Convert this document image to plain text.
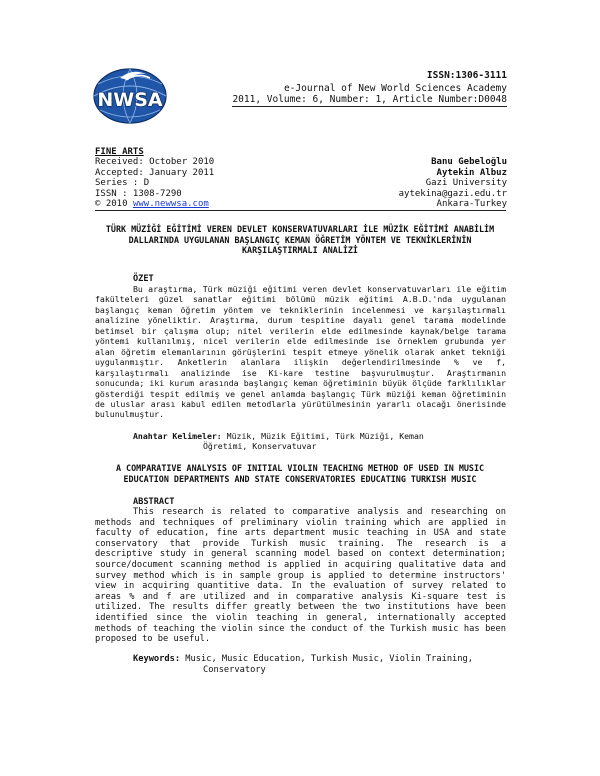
NWSA
ISSN:1306-3111
e-Journal of New World Sciences Academy
2011, Volume: 6, Number: 1, Article Number:D0048
FINE ARTS
Received: October 2010
Accepted: January 2011
Series : D
ISSN : 1308-7290
© 2010 www.newwsa.com
Banu Gebeloğlu
Aytekin Albuz
Gazi University
aytekina@gazi.edu.tr
Ankara-Turkey
TÜRK MÜZİĞİ EĞİTİMİ VEREN DEVLET KONSERVATUVARLARI İLE MÜZİK EĞİTİMİ ANABİLİM
DALLARINDA UYGULANAN BAŞLANGIÇ KEMAN ÖĞRETİM YÖNTEM VE TEKNİKLERİNİN
KARŞILAŞTIRMALI ANALİZİ
ÖZET
Bu araştırma, Türk müziği eğitimi veren devlet konservatuvarları ile eğitim fakülteleri güzel sanatlar eğitimi bölümü müzik eğitimi A.B.D.'nda uygulanan başlangıç keman öğretim yöntem ve tekniklerinin incelenmesi ve karşılaştırmalı analizine yöneliktir. Araştırma, durum tespitine dayalı genel tarama modelinde betimsel bir çalışma olup; nitel verilerin elde edilmesinde kaynak/belge tarama yöntemi kullanılmış, nicel verilerin elde edilmesinde ise örneklem grubunda yer alan öğretim elemanlarının görüşlerini tespit etmeye yönelik olarak anket tekniği uygulanmıştır. Anketlerin alanlara ilişkin değerlendirilmesinde % ve f, karşılaştırmalı analizinde ise Ki-kare testine başvurulmuştur. Araştırmanın sonucunda; iki kurum arasında başlangıç keman öğretiminin büyük ölçüde farklılıklar gösterdiği tespit edilmiş ve genel anlamda başlangıç Türk müziği keman öğretiminin de uluslar arası kabul edilen metodlarla yürütülmesinin yararlı olacağı önerisinde bulunulmuştur.
Anahtar Kelimeler: Müzik, Müzik Eğitimi, Türk Müziği, Keman
Öğretimi, Konservatuvar
A COMPARATIVE ANALYSIS OF INITIAL VIOLIN TEACHING METHOD OF USED IN MUSIC
EDUCATION DEPARTMENTS AND STATE CONSERVATORIES EDUCATING TURKISH MUSIC
ABSTRACT
This research is related to comparative analysis and researching on methods and techniques of preliminary violin training which are applied in faculty of education, fine arts department music teaching in USA and state conservatory that provide Turkish music training. The research is a descriptive study in general scanning model based on context determination; source/document scanning method is applied in acquiring qualitative data and survey method which is in sample group is applied to determine instructors' view in acquiring quantitive data. In the evaluation of survey related to areas % and f are utilized and in comparative analysis Ki-square test is utilized. The results differ greatly between the two institutions have been identified since the violin teaching in general, internationally accepted methods of teaching the violin since the conduct of the Turkish music has been proposed to be useful.
Keywords: Music, Music Education, Turkish Music, Violin Training,
Conservatory
